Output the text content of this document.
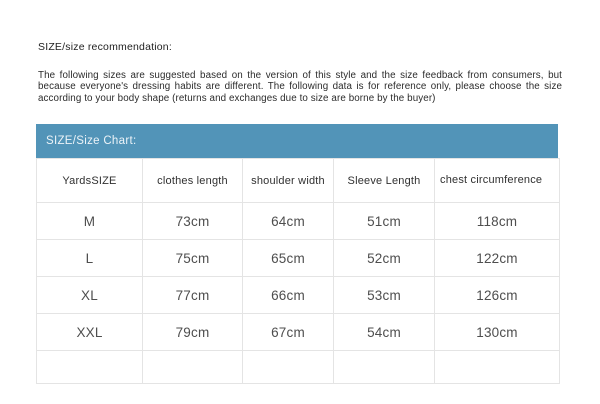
SIZE/size recommendation:
The following sizes are suggested based on the version of this style and the size feedback from consumers, but because everyone's dressing habits are different. The following data is for reference only, please choose the size according to your body shape (returns and exchanges due to size are borne by the buyer)
SIZE/Size Chart:
YardsSIZE	clothes length	shoulder width	Sleeve Length	chest circumference
M	73cm	64cm	51cm	118cm
L	75cm	65cm	52cm	122cm
XL	77cm	66cm	53cm	126cm
XXL	79cm	67cm	54cm	130cm
